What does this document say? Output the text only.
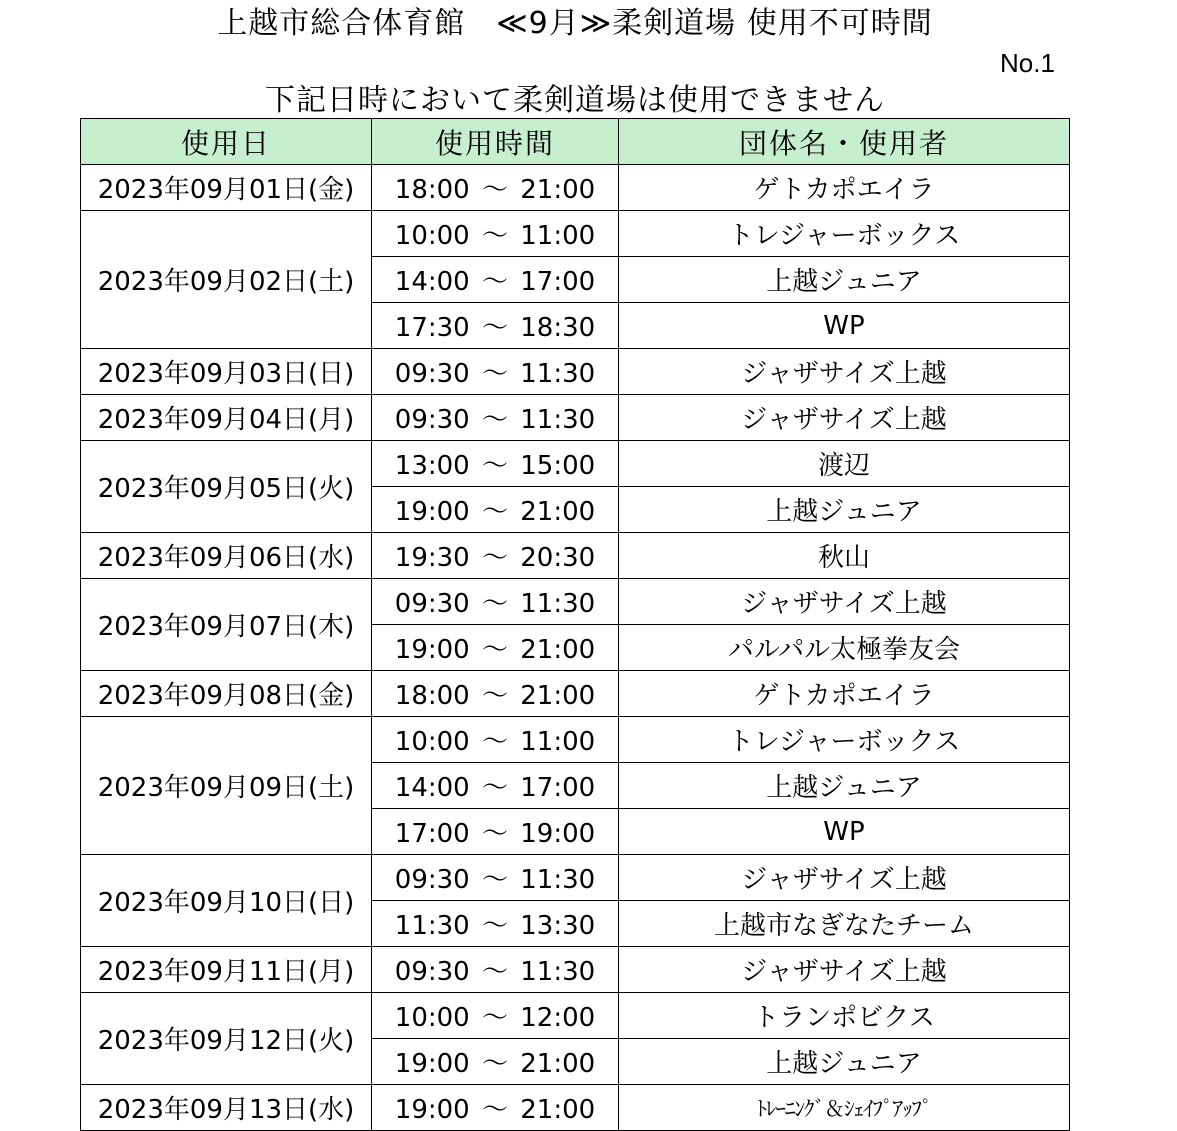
上越市総合体育館　≪9月≫柔剣道場 使用不可時間
No.1
下記日時において柔剣道場は使用できません
使用日	使用時間	団体名・使用者
2023年09月01日(金)	18:00 〜 21:00	ゲトカポエイラ
2023年09月02日(土)	10:00 〜 11:00	トレジャーボックス
	14:00 〜 17:00	上越ジュニア
	17:30 〜 18:30	WP
2023年09月03日(日)	09:30 〜 11:30	ジャザサイズ上越
2023年09月04日(月)	09:30 〜 11:30	ジャザサイズ上越
2023年09月05日(火)	13:00 〜 15:00	渡辺
	19:00 〜 21:00	上越ジュニア
2023年09月06日(水)	19:30 〜 20:30	秋山
2023年09月07日(木)	09:30 〜 11:30	ジャザサイズ上越
	19:00 〜 21:00	パルパル太極拳友会
2023年09月08日(金)	18:00 〜 21:00	ゲトカポエイラ
2023年09月09日(土)	10:00 〜 11:00	トレジャーボックス
	14:00 〜 17:00	上越ジュニア
	17:00 〜 19:00	WP
2023年09月10日(日)	09:30 〜 11:30	ジャザサイズ上越
	11:30 〜 13:30	上越市なぎなたチーム
2023年09月11日(月)	09:30 〜 11:30	ジャザサイズ上越
2023年09月12日(火)	10:00 〜 12:00	トランポビクス
	19:00 〜 21:00	上越ジュニア
2023年09月13日(水)	19:00 〜 21:00	ﾄﾚｰﾆﾝｸﾞ＆ｼｪｲﾌﾟｱｯﾌﾟ
